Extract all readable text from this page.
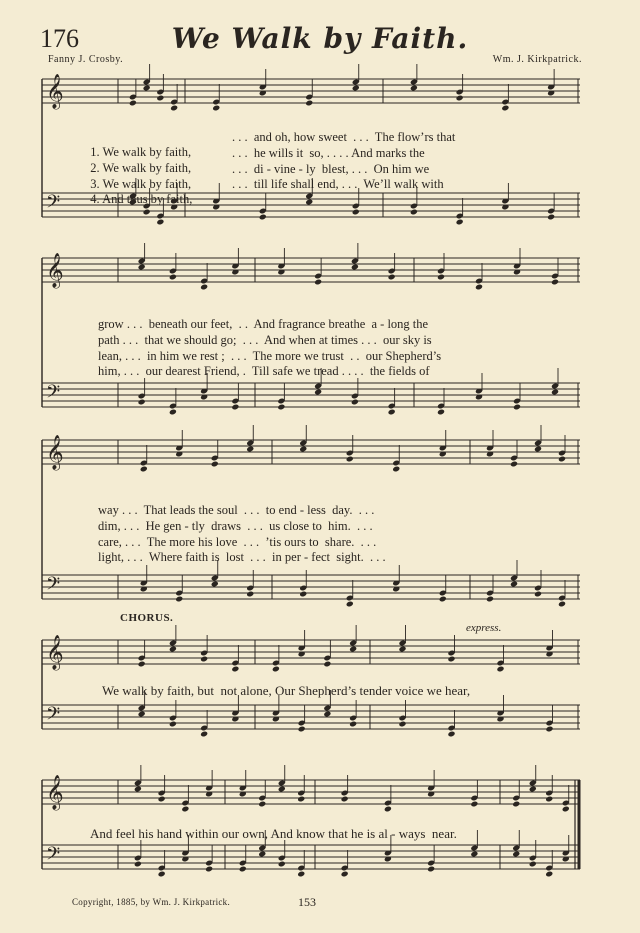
176	We Walk by Faith.
Fanny J. Crosby.	Wm. J. Kirkpatrick.
𝄞
𝄢
𝄞
𝄢
𝄞
𝄢
𝄞
𝄢
𝄞
𝄢

1. We walk by faith,

2. We walk by faith,

3. We walk by faith,

4. And thus by faith,
. . .  and oh, how sweet  . . .  The flow’rs that
. . .  he wills it  so, . . . . And marks the
. . .  di - vine - ly  blest, . . .  On him we
. . .  till life shall end, . . .  We’ll walk with
grow . . .  beneath our feet,  . .  And fragrance breathe  a - long the
path . . .  that we should go;  . . .  And when at times . . .  our sky is
lean, . . .  in him we rest ;  . . .  The more we trust  . .  our Shepherd’s
him, . . .  our dearest Friend, .  Till safe we tread . . . .  the fields of
way . . .  That leads the soul  . . .  to end - less  day.  . . .
dim, . . .  He gen - tly  draws  . . .  us close to  him.  . . .
care, . . .  The more his love  . . .  ’tis ours to  share.  . . .
light, . . .  Where faith is  lost  . . .  in per - fect  sight.  . . .
CHORUS.
express.
We walk by faith, but  not alone, Our Shepherd’s tender voice we hear,
And feel his hand within our own, And know that he is al - ways  near.
Copyright, 1885, by Wm. J. Kirkpatrick.	153
